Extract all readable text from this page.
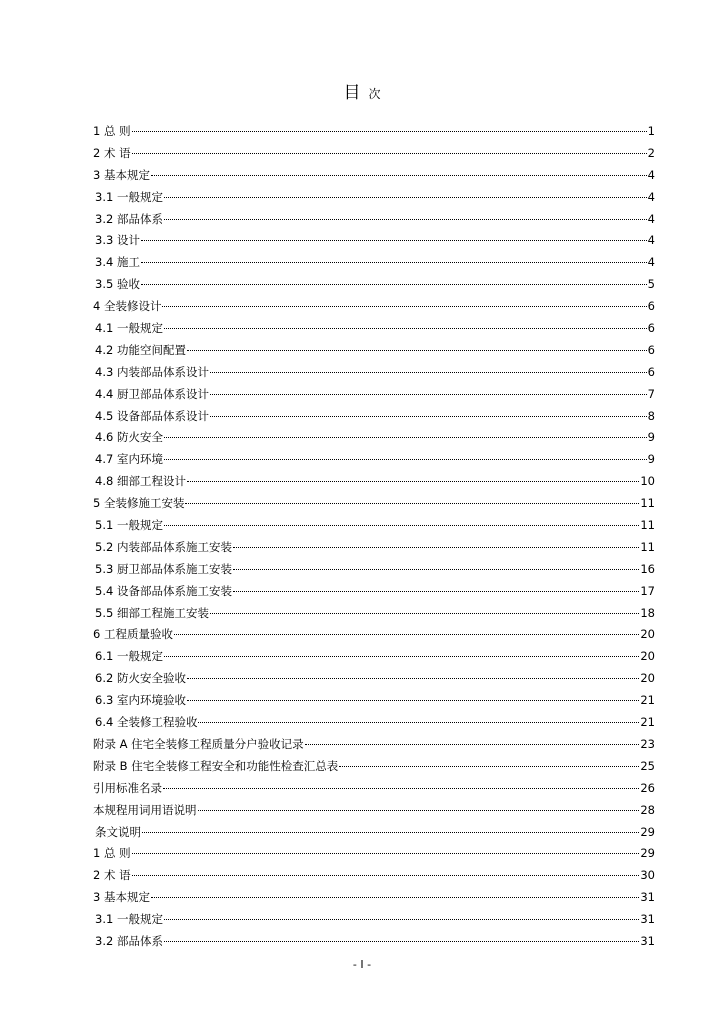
目 次
1 总 则	1
2 术 语	2
3 基本规定	4
3.1 一般规定	4
3.2 部品体系	4
3.3 设计	4
3.4 施工	4
3.5 验收	5
4 全装修设计	6
4.1 一般规定	6
4.2 功能空间配置	6
4.3 内装部品体系设计	6
4.4 厨卫部品体系设计	7
4.5 设备部品体系设计	8
4.6 防火安全	9
4.7 室内环境	9
4.8 细部工程设计	10
5 全装修施工安装	11
5.1 一般规定	11
5.2 内装部品体系施工安装	11
5.3 厨卫部品体系施工安装	16
5.4 设备部品体系施工安装	17
5.5 细部工程施工安装	18
6 工程质量验收	20
6.1 一般规定	20
6.2 防火安全验收	20
6.3 室内环境验收	21
6.4 全装修工程验收	21
附录 A 住宅全装修工程质量分户验收记录	23
附录 B 住宅全装修工程安全和功能性检查汇总表	25
引用标准名录	26
本规程用词用语说明	28
条文说明	29
1 总 则	29
2 术 语	30
3 基本规定	31
3.1 一般规定	31
3.2 部品体系	31
- I -
